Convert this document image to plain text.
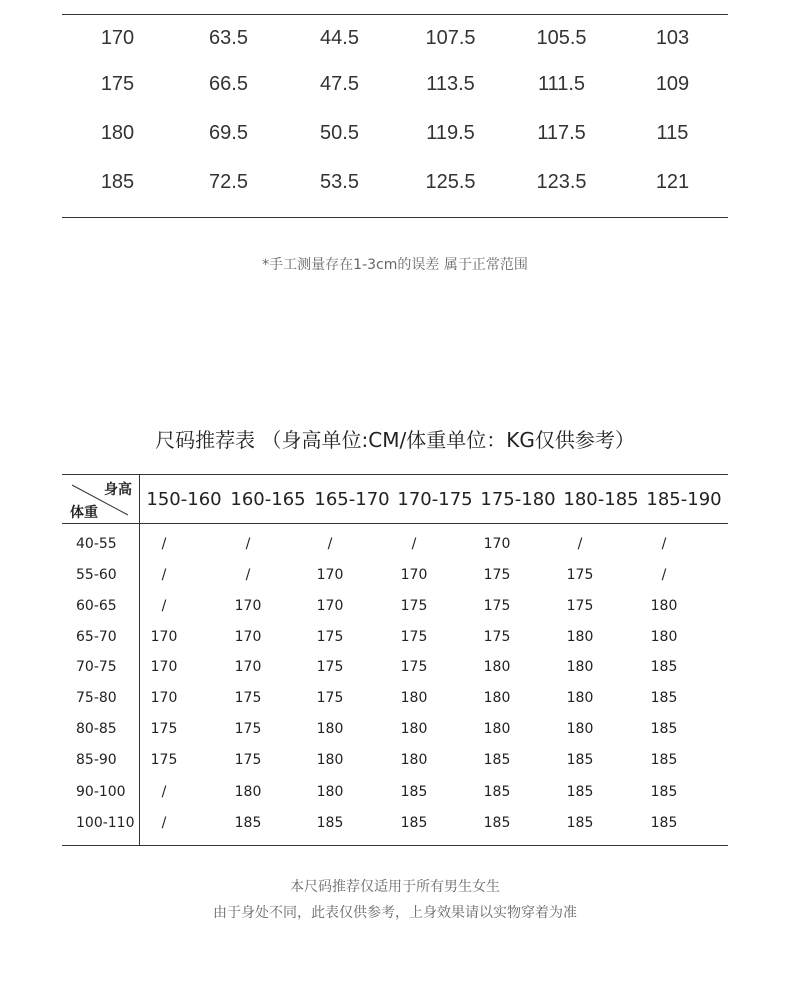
170	63.5	44.5	107.5	105.5	103
175	66.5	47.5	113.5	111.5	109
180	69.5	50.5	119.5	117.5	115
185	72.5	53.5	125.5	123.5	121
*手工测量存在1-3cm的误差 属于正常范围
尺码推荐表 （身高单位:CM/体重单位：KG仅供参考）
身高
体重
150-160 160-165 165-170 170-175 175-180 180-185 185-190
40-55	/	/	/	/	170	/	/
55-60	/	/	170	170	175	175	/
60-65	/	170	170	175	175	175	180
65-70	170	170	175	175	175	180	180
70-75	170	170	175	175	180	180	185
75-80	170	175	175	180	180	180	185
80-85	175	175	180	180	180	180	185
85-90	175	175	180	180	185	185	185
90-100	/	180	180	185	185	185	185
100-110	/	185	185	185	185	185	185
本尺码推荐仅适用于所有男生女生
由于身处不同，此表仅供参考，上身效果请以实物穿着为准
